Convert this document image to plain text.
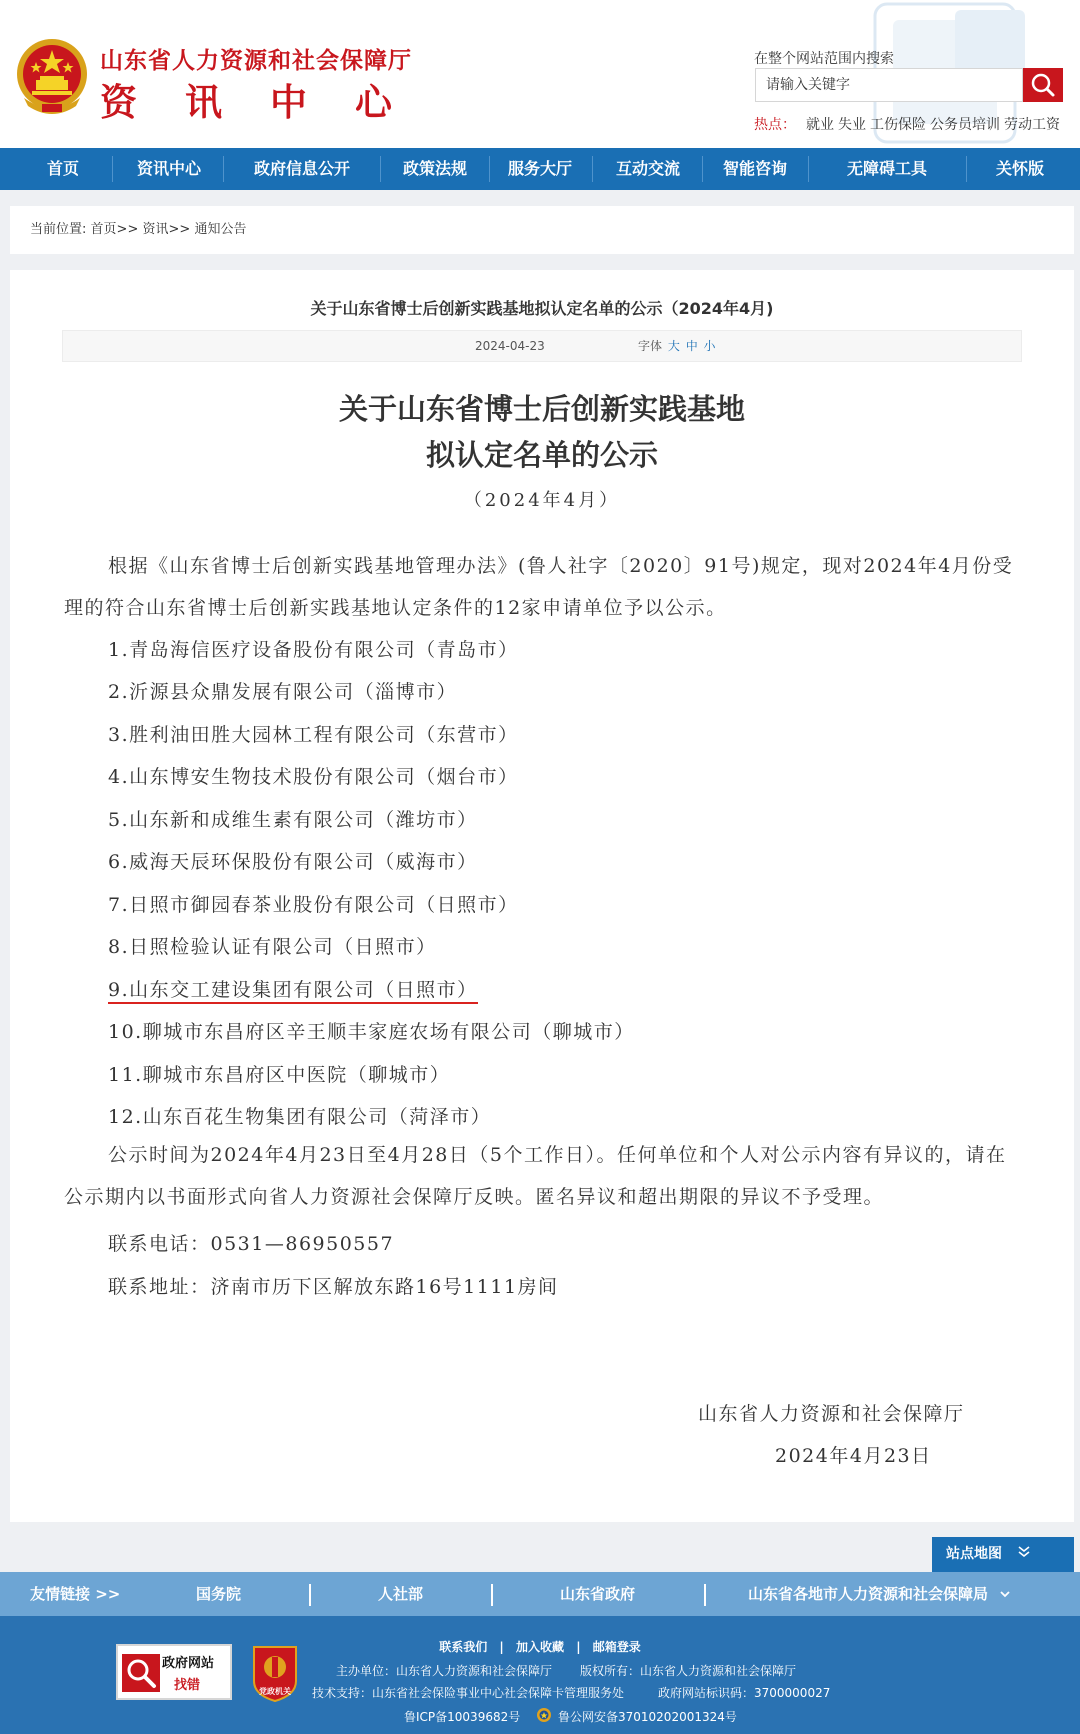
山东省人力资源和社会保障厅
资讯中心
在整个网站范围内搜索
请输入关键字
热点： 就业 失业 工伤保险 公务员培训 劳动工资
首页	资讯中心	政府信息公开	政策法规	服务大厅	互动交流	智能咨询	无障碍工具	关怀版
当前位置: 首页>> 资讯>> 通知公告
关于山东省博士后创新实践基地拟认定名单的公示（2024年4月)
2024-04-23	字体 大 中 小
关于山东省博士后创新实践基地
拟认定名单的公示
（2024年4月）
根据《山东省博士后创新实践基地管理办法》(鲁人社字〔2020〕91号)规定，现对2024年4月份受理的符合山东省博士后创新实践基地认定条件的12家申请单位予以公示。
1.青岛海信医疗设备股份有限公司（青岛市）
2.沂源县众鼎发展有限公司（淄博市）
3.胜利油田胜大园林工程有限公司（东营市）
4.山东博安生物技术股份有限公司（烟台市）
5.山东新和成维生素有限公司（潍坊市）
6.威海天辰环保股份有限公司（威海市）
7.日照市御园春茶业股份有限公司（日照市）
8.日照检验认证有限公司（日照市）
9.山东交工建设集团有限公司（日照市）
10.聊城市东昌府区辛王顺丰家庭农场有限公司（聊城市）
11.聊城市东昌府区中医院（聊城市）
12.山东百花生物集团有限公司（菏泽市）
公示时间为2024年4月23日至4月28日（5个工作日）。任何单位和个人对公示内容有异议的，请在公示期内以书面形式向省人力资源社会保障厅反映。匿名异议和超出期限的异议不予受理。
联系电话：0531—86950557
联系地址：济南市历下区解放东路16号1111房间
山东省人力资源和社会保障厅
2024年4月23日
站点地图
友情链接 >>	国务院	人社部	山东省政府	山东省各地市人力资源和社会保障局
联系我们 | 加入收藏 | 邮箱登录
政府网站
找错	党政机关
主办单位：山东省人力资源和社会保障厅 版权所有：山东省人力资源和社会保障厅
技术支持：山东省社会保险事业中心社会保障卡管理服务处	政府网站标识码：3700000027
鲁ICP备10039682号	鲁公网安备37010202001324号
